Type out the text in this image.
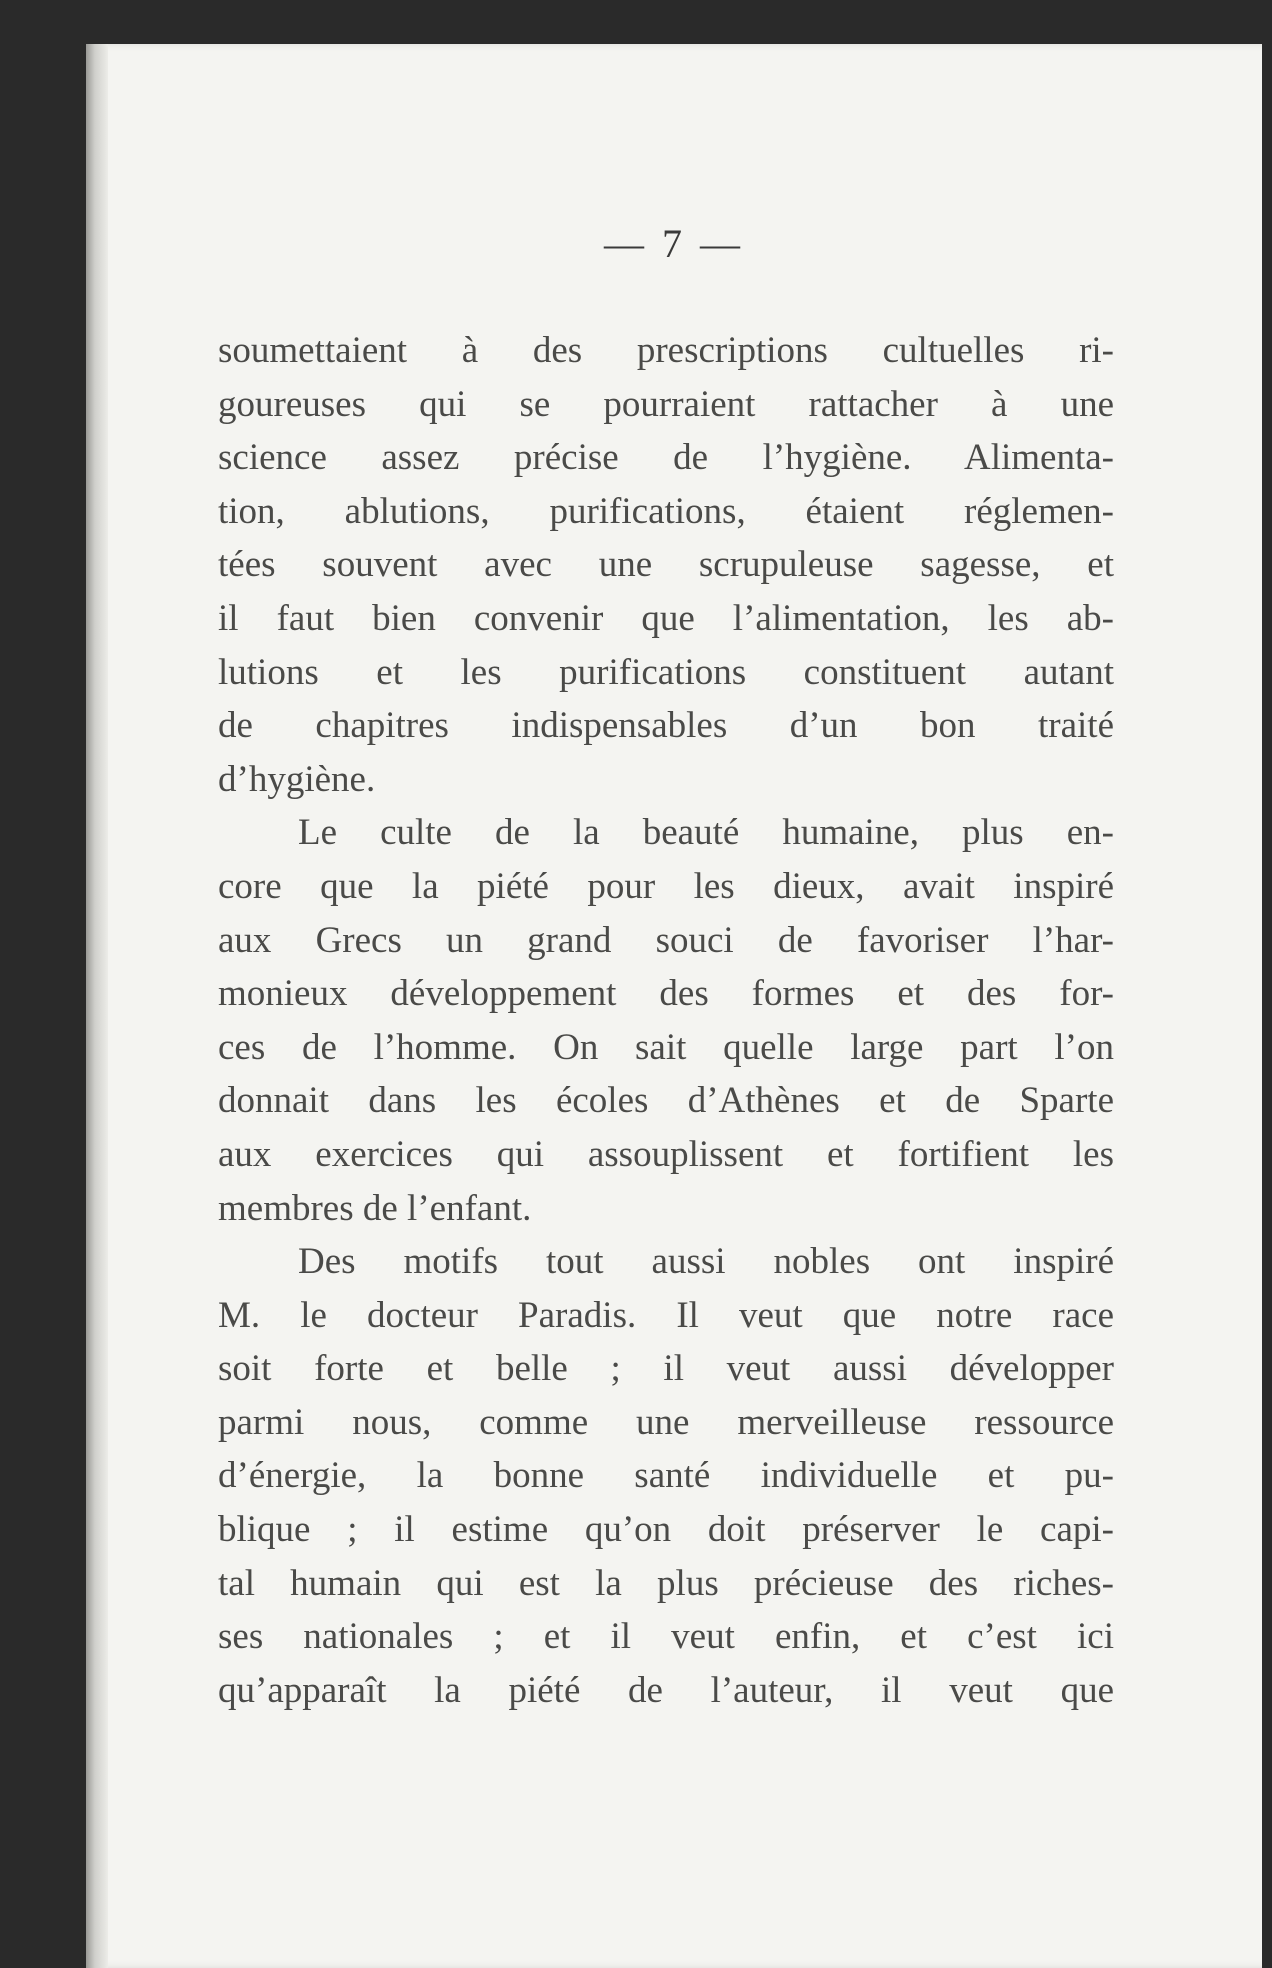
— 7 —
soumettaient à des prescriptions cultuelles ri-
goureuses qui se pourraient rattacher à une
science assez précise de l’hygiène. Alimenta-
tion, ablutions, purifications, étaient réglemen-
tées souvent avec une scrupuleuse sagesse, et
il faut bien convenir que l’alimentation, les ab-
lutions et les purifications constituent autant
de chapitres indispensables d’un bon traité
d’hygiène.
Le culte de la beauté humaine, plus en-
core que la piété pour les dieux, avait inspiré
aux Grecs un grand souci de favoriser l’har-
monieux développement des formes et des for-
ces de l’homme. On sait quelle large part l’on
donnait dans les écoles d’Athènes et de Sparte
aux exercices qui assouplissent et fortifient les
membres de l’enfant.
Des motifs tout aussi nobles ont inspiré
M. le docteur Paradis. Il veut que notre race
soit forte et belle ; il veut aussi développer
parmi nous, comme une merveilleuse ressource
d’énergie, la bonne santé individuelle et pu-
blique ; il estime qu’on doit préserver le capi-
tal humain qui est la plus précieuse des riches-
ses nationales ; et il veut enfin, et c’est ici
qu’apparaît la piété de l’auteur, il veut que
